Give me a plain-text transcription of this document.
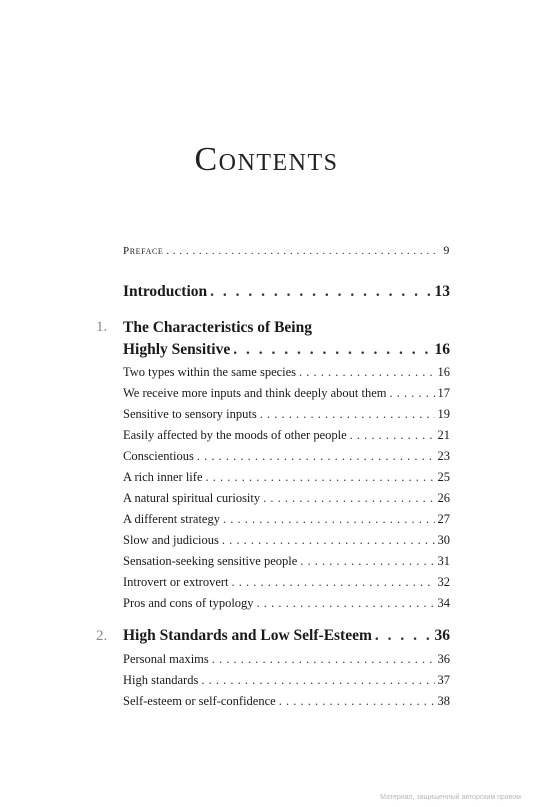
Contents
Preface . . .	9
Introduction . . .	13
1. The Characteristics of Being
Highly Sensitive . . .	16
Two types within the same species . . .	16
We receive more inputs and think deeply about them . . .	17
Sensitive to sensory inputs . . .	19
Easily affected by the moods of other people . . .	21
Conscientious . . .	23
A rich inner life . . .	25
A natural spiritual curiosity . . .	26
A different strategy . . .	27
Slow and judicious . . .	30
Sensation-seeking sensitive people . . .	31
Introvert or extrovert . . .	32
Pros and cons of typology . . .	34
2. High Standards and Low Self-Esteem . . .	36
Personal maxims . . .	36
High standards . . .	37
Self-esteem or self-confidence . . .	38
Материал, защищенный авторским правом
